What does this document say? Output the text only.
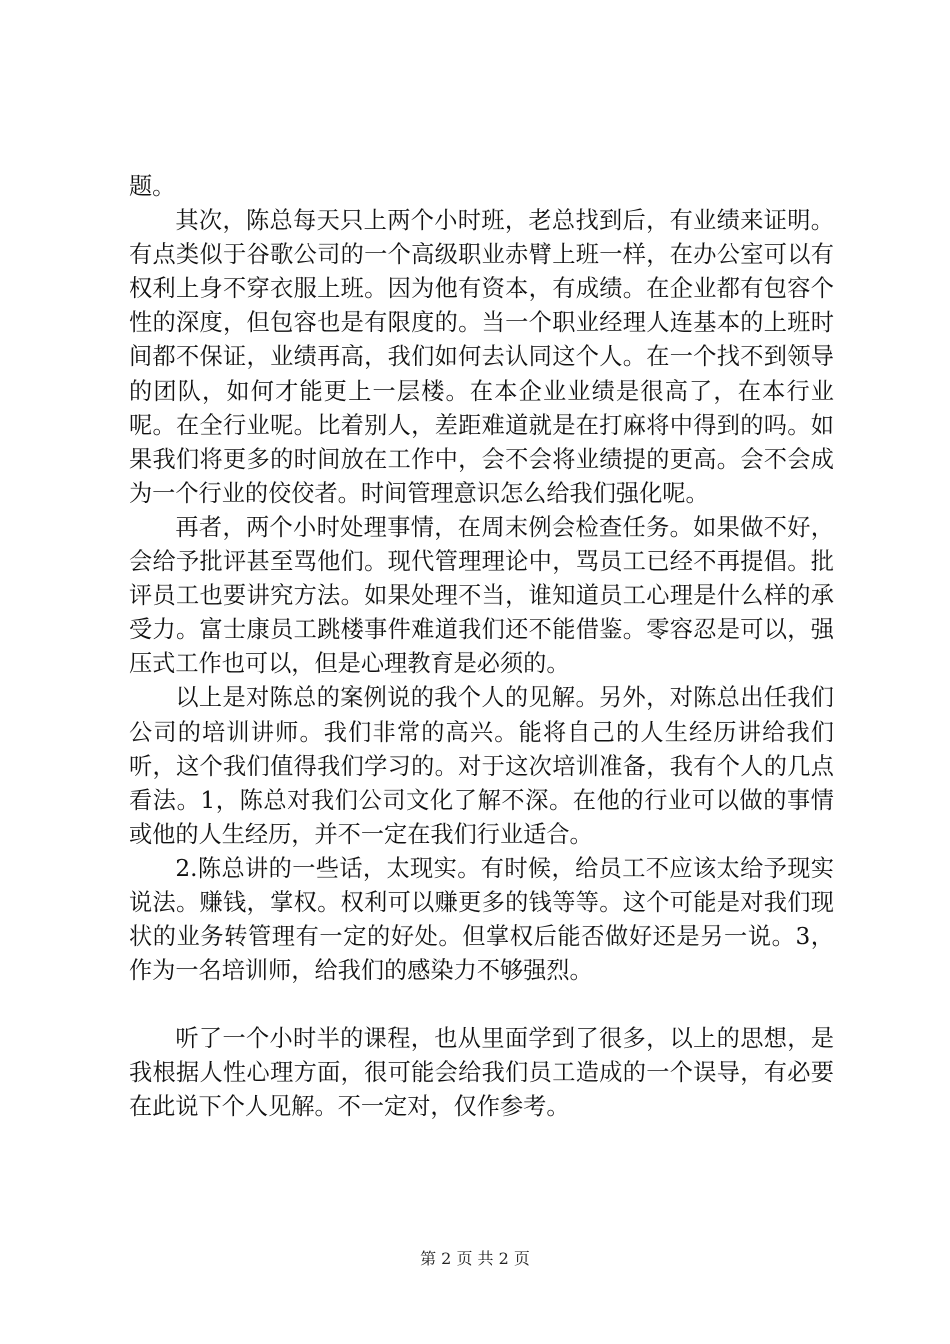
题。

其次，陈总每天只上两个小时班，老总找到后，有业绩来证明。有点类似于谷歌公司的一个高级职业赤臂上班一样，在办公室可以有权利上身不穿衣服上班。因为他有资本，有成绩。在企业都有包容个性的深度，但包容也是有限度的。当一个职业经理人连基本的上班时间都不保证，业绩再高，我们如何去认同这个人。在一个找不到领导的团队，如何才能更上一层楼。在本企业业绩是很高了，在本行业呢。在全行业呢。比着别人，差距难道就是在打麻将中得到的吗。如果我们将更多的时间放在工作中，会不会将业绩提的更高。会不会成为一个行业的佼佼者。时间管理意识怎么给我们强化呢。

再者，两个小时处理事情，在周末例会检查任务。如果做不好，会给予批评甚至骂他们。现代管理理论中，骂员工已经不再提倡。批评员工也要讲究方法。如果处理不当，谁知道员工心理是什么样的承受力。富士康员工跳楼事件难道我们还不能借鉴。零容忍是可以，强压式工作也可以，但是心理教育是必须的。

以上是对陈总的案例说的我个人的见解。另外，对陈总出任我们公司的培训讲师。我们非常的高兴。能将自己的人生经历讲给我们听，这个我们值得我们学习的。对于这次培训准备，我有个人的几点看法。1，陈总对我们公司文化了解不深。在他的行业可以做的事情或他的人生经历，并不一定在我们行业适合。

2.陈总讲的一些话，太现实。有时候，给员工不应该太给予现实说法。赚钱，掌权。权利可以赚更多的钱等等。这个可能是对我们现状的业务转管理有一定的好处。但掌权后能否做好还是另一说。3，作为一名培训师，给我们的感染力不够强烈。

听了一个小时半的课程，也从里面学到了很多，以上的思想，是我根据人性心理方面，很可能会给我们员工造成的一个误导，有必要在此说下个人见解。不一定对，仅作参考。

第 2 页 共 2 页
